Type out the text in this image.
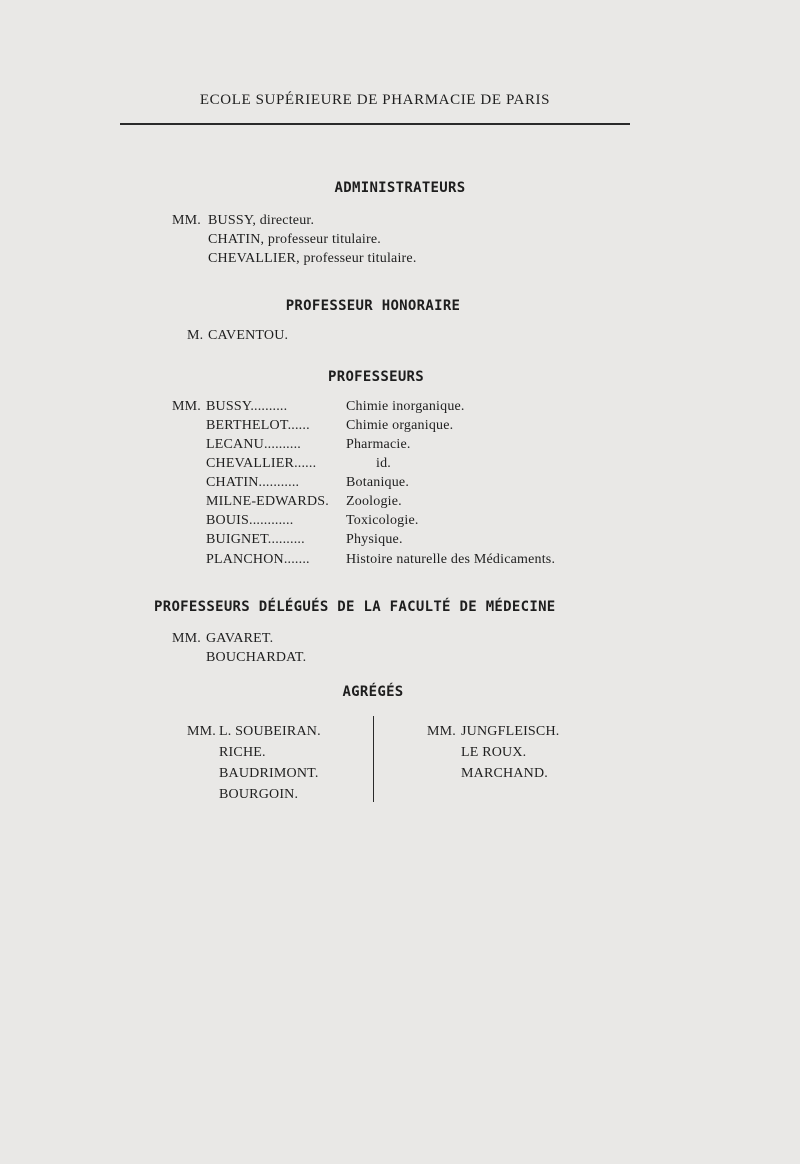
ECOLE SUPÉRIEURE DE PHARMACIE DE PARIS
ADMINISTRATEURS
MM. BUSSY, directeur.
CHATIN, professeur titulaire.
CHEVALLIER, professeur titulaire.
PROFESSEUR HONORAIRE
M. CAVENTOU.
PROFESSEURS
MM. BUSSY..........	Chimie inorganique.
BERTHELOT......	Chimie organique.
LECANU..........	Pharmacie.
CHEVALLIER......	id.
CHATIN...........	Botanique.
MILNE-EDWARDS. Zoologie.
BOUIS............	Toxicologie.
BUIGNET..........	Physique.
PLANCHON.......	Histoire naturelle des Médicaments.
PROFESSEURS DÉLÉGUÉS DE LA FACULTÉ DE MÉDECINE
MM. GAVARET.
BOUCHARDAT.
AGRÉGÉS
MM. L. SOUBEIRAN.
RICHE.
BAUDRIMONT.
BOURGOIN.
MM. JUNGFLEISCH.
LE ROUX.
MARCHAND.
